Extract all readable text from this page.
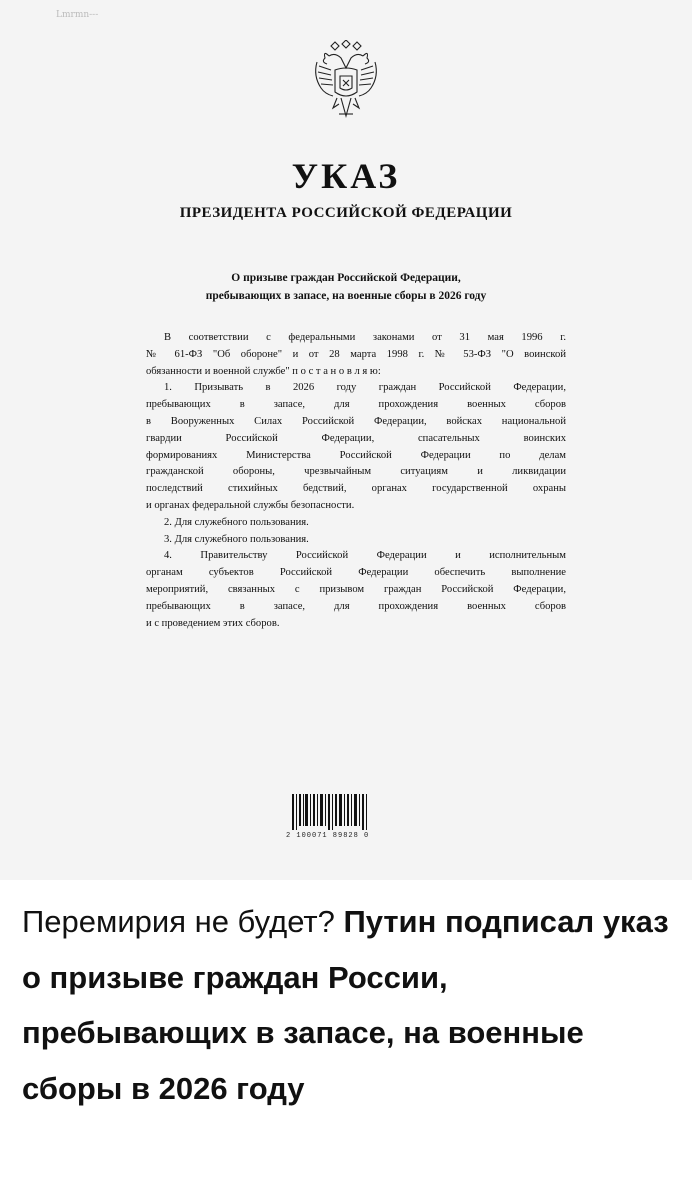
Lmrmn---
УКАЗ
ПРЕЗИДЕНТА РОССИЙСКОЙ ФЕДЕРАЦИИ
О призыве граждан Российской Федерации,
пребывающих в запасе, на военные сборы в 2026 году
В соответствии с федеральными законами от 31 мая 1996 г.
№ 61-ФЗ "Об обороне" и от 28 марта 1998 г. № 53-ФЗ "О воинской
обязанности и военной службе" п о с т а н о в л я ю:
1. Призывать в 2026 году граждан Российской Федерации,
пребывающих в запасе, для прохождения военных сборов
в Вооруженных Силах Российской Федерации, войсках национальной
гвардии Российской Федерации, спасательных воинских
формированиях Министерства Российской Федерации по делам
гражданской обороны, чрезвычайным ситуациям и ликвидации
последствий стихийных бедствий, органах государственной охраны
и органах федеральной службы безопасности.
2. Для служебного пользования.
3. Для служебного пользования.
4. Правительству Российской Федерации и исполнительным
органам субъектов Российской Федерации обеспечить выполнение
мероприятий, связанных с призывом граждан Российской Федерации,
пребывающих в запасе, для прохождения военных сборов
и с проведением этих сборов.
2 100071 89828 0
Перемирия не будет? Путин подписал указ о призыве граждан России, пребывающих в запасе, на военные сборы в 2026 году
